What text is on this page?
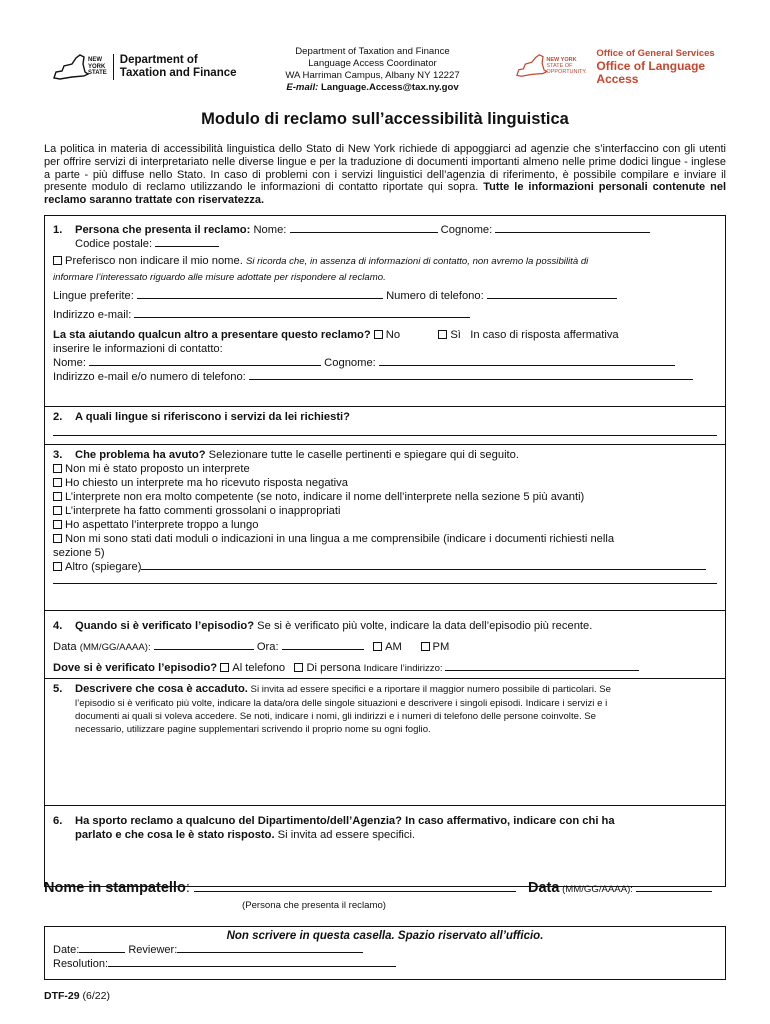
NEW
YORK
STATE
Department of
Taxation and Finance
Department of Taxation and Finance
Language Access Coordinator
WA Harriman Campus, Albany NY 12227
E-mail: Language.Access@tax.ny.gov
NEW YORK
STATE OF
OPPORTUNITY.
Office of General Services
Office of Language Access
Modulo di reclamo sull’accessibilità linguistica
La politica in materia di accessibilità linguistica dello Stato di New York richiede di appoggiarci ad agenzie che s’interfaccino con gli utenti per offrire servizi di interpretariato nelle diverse lingue e per la traduzione di documenti importanti almeno nelle prime dodici lingue - inglese a parte - più diffuse nello Stato. In caso di problemi con i servizi linguistici dell’agenzia di riferimento, è possibile compilare e inviare il presente modulo di reclamo utilizzando le informazioni di contatto riportate qui sopra. Tutte le informazioni personali contenute nel reclamo saranno trattate con riservatezza.
1. Persona che presenta il reclamo: Nome:	Cognome:
Codice postale:
Preferisco non indicare il mio nome. Si ricorda che, in assenza di informazioni di contatto, non avremo la possibilità di
informare l’interessato riguardo alle misure adottate per rispondere al reclamo.
Lingue preferite:	Numero di telefono:
Indirizzo e-mail:
La sta aiutando qualcun altro a presentare questo reclamo? No	Sì In caso di risposta affermativa
inserire le informazioni di contatto:
Nome:	Cognome:
Indirizzo e-mail e/o numero di telefono:
2. A quali lingue si riferiscono i servizi da lei richiesti?
3. Che problema ha avuto? Selezionare tutte le caselle pertinenti e spiegare qui di seguito.
Non mi è stato proposto un interprete
Ho chiesto un interprete ma ho ricevuto risposta negativa
L’interprete non era molto competente (se noto, indicare il nome dell’interprete nella sezione 5 più avanti)
L’interprete ha fatto commenti grossolani o inappropriati
Ho aspettato l’interprete troppo a lungo
Non mi sono stati dati moduli o indicazioni in una lingua a me comprensibile (indicare i documenti richiesti nella
sezione 5)
Altro (spiegare)
4. Quando si è verificato l’episodio? Se si è verificato più volte, indicare la data dell’episodio più recente.
Data (MM/GG/AAAA):	Ora:	AM	PM
Dove si è verificato l’episodio? Al telefono Di persona Indicare l’indirizzo:
5. Descrivere che cosa è accaduto. Si invita ad essere specifici e a riportare il maggior numero possibile di particolari. Se
l’episodio si è verificato più volte, indicare la data/ora delle singole situazioni e descrivere i singoli episodi. Indicare i servizi e i
documenti ai quali si voleva accedere. Se noti, indicare i nomi, gli indirizzi e i numeri di telefono delle persone coinvolte. Se
necessario, utilizzare pagine supplementari scrivendo il proprio nome su ogni foglio.
6. Ha sporto reclamo a qualcuno del Dipartimento/dell’Agenzia? In caso affermativo, indicare con chi ha
parlato e che cosa le è stato risposto. Si invita ad essere specifici.
Nome in stampatello:	Data (MM/GG/AAAA):
(Persona che presenta il reclamo)
Non scrivere in questa casella. Spazio riservato all’ufficio.
Date:	Reviewer:
Resolution:
DTF-29 (6/22)
